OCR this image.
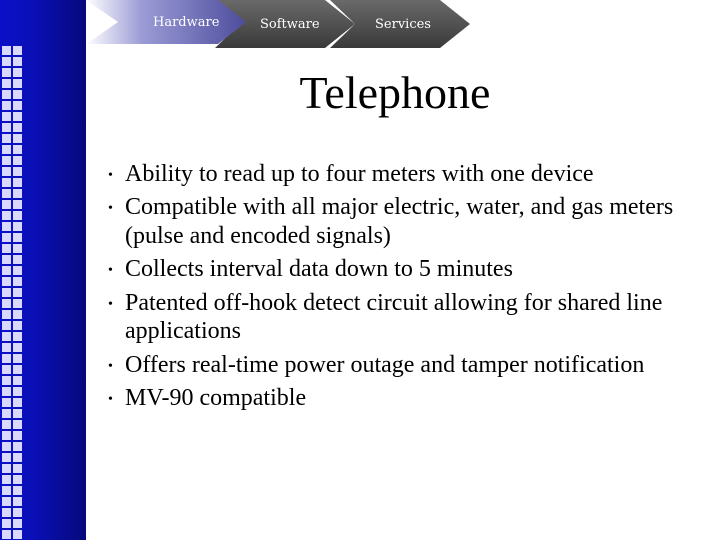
Hardware	Software	Services
Telephone
• Ability to read up to four meters with one device
• Compatible with all major electric, water, and gas meters (pulse and encoded signals)
• Collects interval data down to 5 minutes
• Patented off-hook detect circuit allowing for shared line applications
• Offers real-time power outage and tamper notification
• MV-90 compatible
